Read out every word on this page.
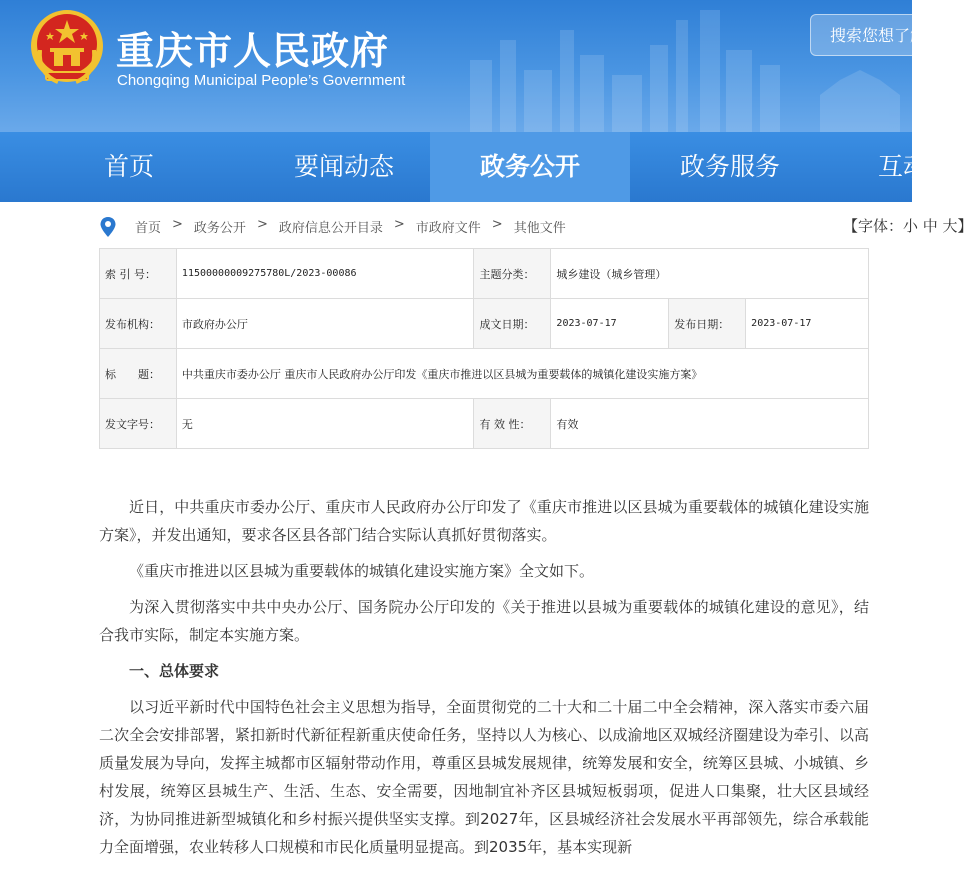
重庆市人民政府
Chongqing Municipal People’s Government
搜索您想了解的政策/资讯/服务
首页	要闻动态	政务公开	政务服务	互动交流
首页 > 政务公开 > 政府信息公开目录 > 市政府文件 > 其他文件	【字体：小 中 大】
索 引 号：	11500000009275780L/2023-00086	主题分类：	城乡建设（城乡管理）		
发布机构：	市政府办公厅	成文日期：	2023-07-17	发布日期：	2023-07-17
标　　题：	中共重庆市委办公厅 重庆市人民政府办公厅印发《重庆市推进以区县城为重要载体的城镇化建设实施方案》				
发文字号：	无	有 效 性：	有效		

近日，中共重庆市委办公厅、重庆市人民政府办公厅印发了《重庆市推进以区县城为重要载体的城镇化建设实施方案》，并发出通知，要求各区县各部门结合实际认真抓好贯彻落实。

《重庆市推进以区县城为重要载体的城镇化建设实施方案》全文如下。

为深入贯彻落实中共中央办公厅、国务院办公厅印发的《关于推进以县城为重要载体的城镇化建设的意见》，结合我市实际，制定本实施方案。

一、总体要求

以习近平新时代中国特色社会主义思想为指导，全面贯彻党的二十大和二十届二中全会精神，深入落实市委六届二次全会安排部署，紧扣新时代新征程新重庆使命任务，坚持以人为核心、以成渝地区双城经济圈建设为牵引、以高质量发展为导向，发挥主城都市区辐射带动作用，尊重区县城发展规律，统筹发展和安全，统筹区县城、小城镇、乡村发展，统筹区县城生产、生活、生态、安全需要，因地制宜补齐区县城短板弱项，促进人口集聚，壮大区县域经济，为协同推进新型城镇化和乡村振兴提供坚实支撑。到2027年，区县城经济社会发展水平再部领先，综合承载能力全面增强，农业转移人口规模和市民化质量明显提高。到2035年，基本实现新
